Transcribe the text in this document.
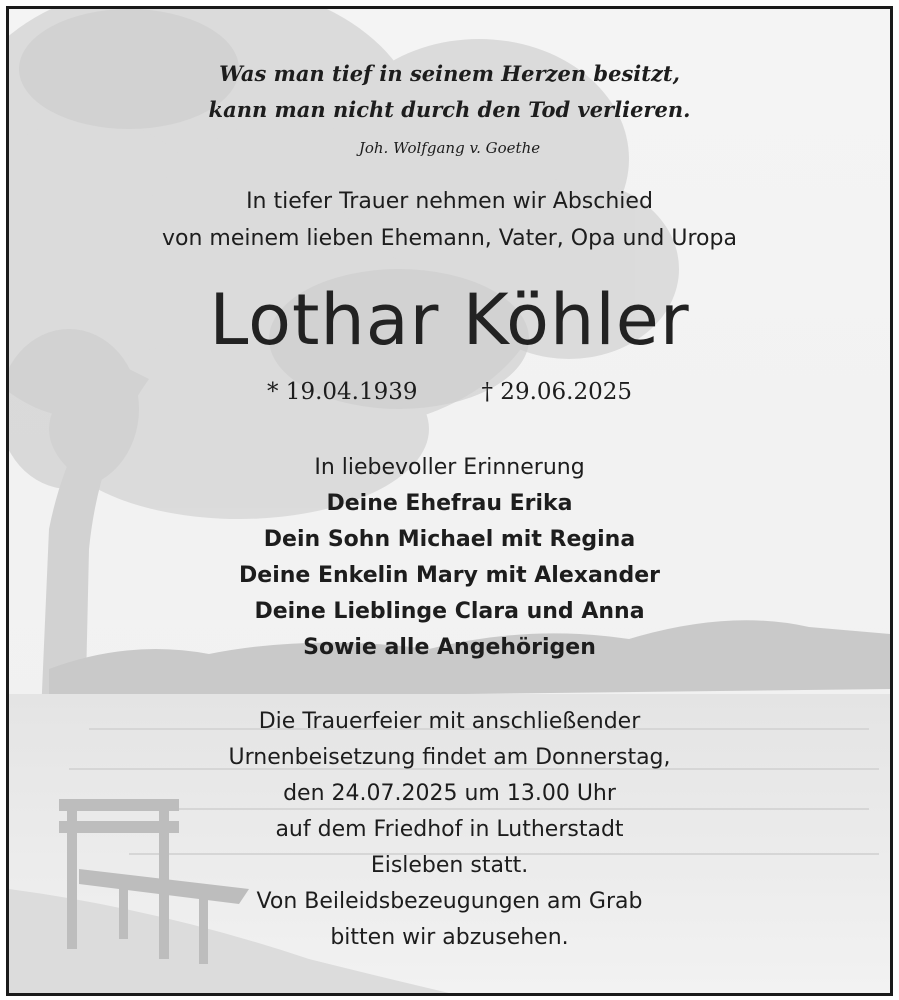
Was man tief in seinem Herzen besitzt,

kann man nicht durch den Tod verlieren.

Joh. Wolfgang v. Goethe

In tiefer Trauer nehmen wir Abschied

von meinem lieben Ehemann, Vater, Opa und Uropa

Lothar Köhler

* 19.04.1939	† 29.06.2025

In liebevoller Erinnerung

Deine Ehefrau Erika

Dein Sohn Michael mit Regina

Deine Enkelin Mary mit Alexander

Deine Lieblinge Clara und Anna

Sowie alle Angehörigen

Die Trauerfeier mit anschließender

Urnenbeisetzung findet am Donnerstag,

den 24.07.2025 um 13.00 Uhr

auf dem Friedhof in Lutherstadt

Eisleben statt.

Von Beileidsbezeugungen am Grab

bitten wir abzusehen.
